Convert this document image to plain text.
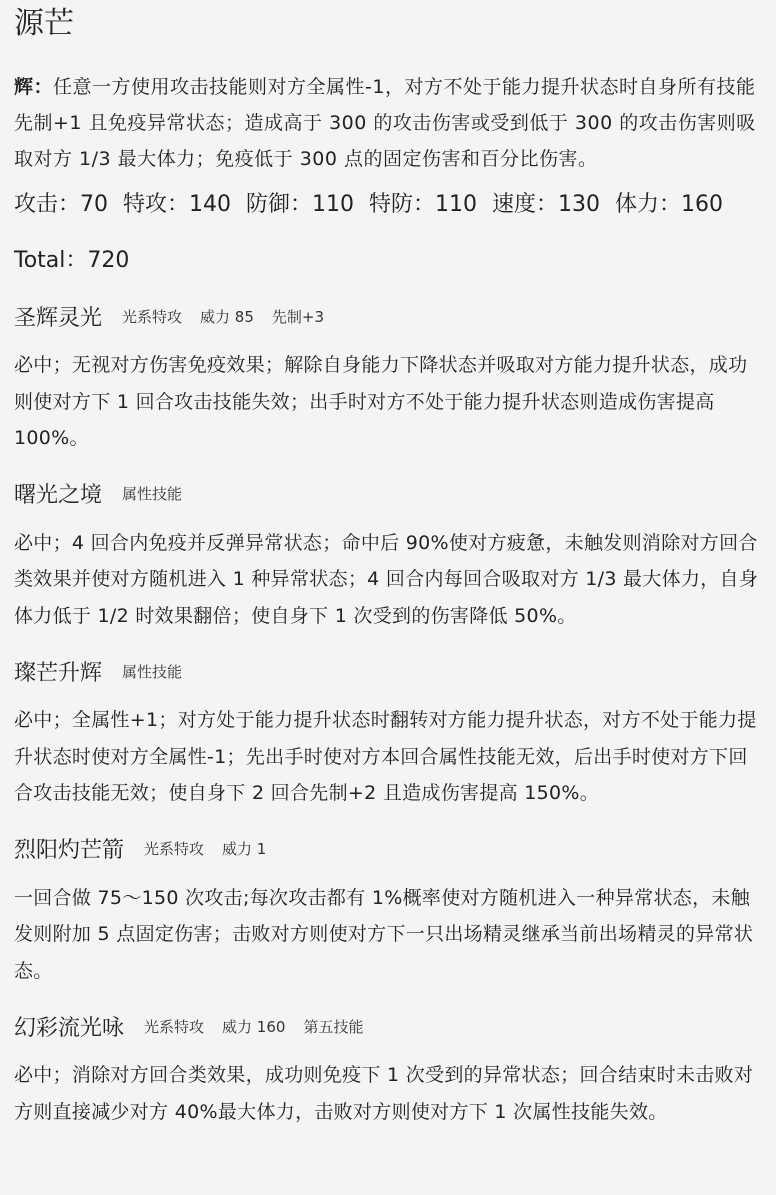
源芒
辉：任意一方使用攻击技能则对方全属性-1，对方不处于能力提升状态时自身所有技能先制+1 且免疫异常状态；造成高于 300 的攻击伤害或受到低于 300 的攻击伤害则吸取对方 1/3 最大体力；免疫低于 300 点的固定伤害和百分比伤害。
攻击：70 特攻：140 防御：110 特防：110 速度：130 体力：160
Total：720
圣辉灵光 光系特攻 威力 85 先制+3
必中；无视对方伤害免疫效果；解除自身能力下降状态并吸取对方能力提升状态，成功则使对方下 1 回合攻击技能失效；出手时对方不处于能力提升状态则造成伤害提高 100%。
曙光之境 属性技能
必中；4 回合内免疫并反弹异常状态；命中后 90%使对方疲惫，未触发则消除对方回合类效果并使对方随机进入 1 种异常状态；4 回合内每回合吸取对方 1/3 最大体力，自身体力低于 1/2 时效果翻倍；使自身下 1 次受到的伤害降低 50%。
璨芒升辉 属性技能
必中；全属性+1；对方处于能力提升状态时翻转对方能力提升状态，对方不处于能力提升状态时使对方全属性-1；先出手时使对方本回合属性技能无效，后出手时使对方下回合攻击技能无效；使自身下 2 回合先制+2 且造成伤害提高 150%。
烈阳灼芒箭 光系特攻 威力 1
一回合做 75～150 次攻击;每次攻击都有 1%概率使对方随机进入一种异常状态，未触发则附加 5 点固定伤害；击败对方则使对方下一只出场精灵继承当前出场精灵的异常状态。
幻彩流光咏 光系特攻 威力 160 第五技能
必中；消除对方回合类效果，成功则免疫下 1 次受到的异常状态；回合结束时未击败对方则直接减少对方 40%最大体力，击败对方则使对方下 1 次属性技能失效。
